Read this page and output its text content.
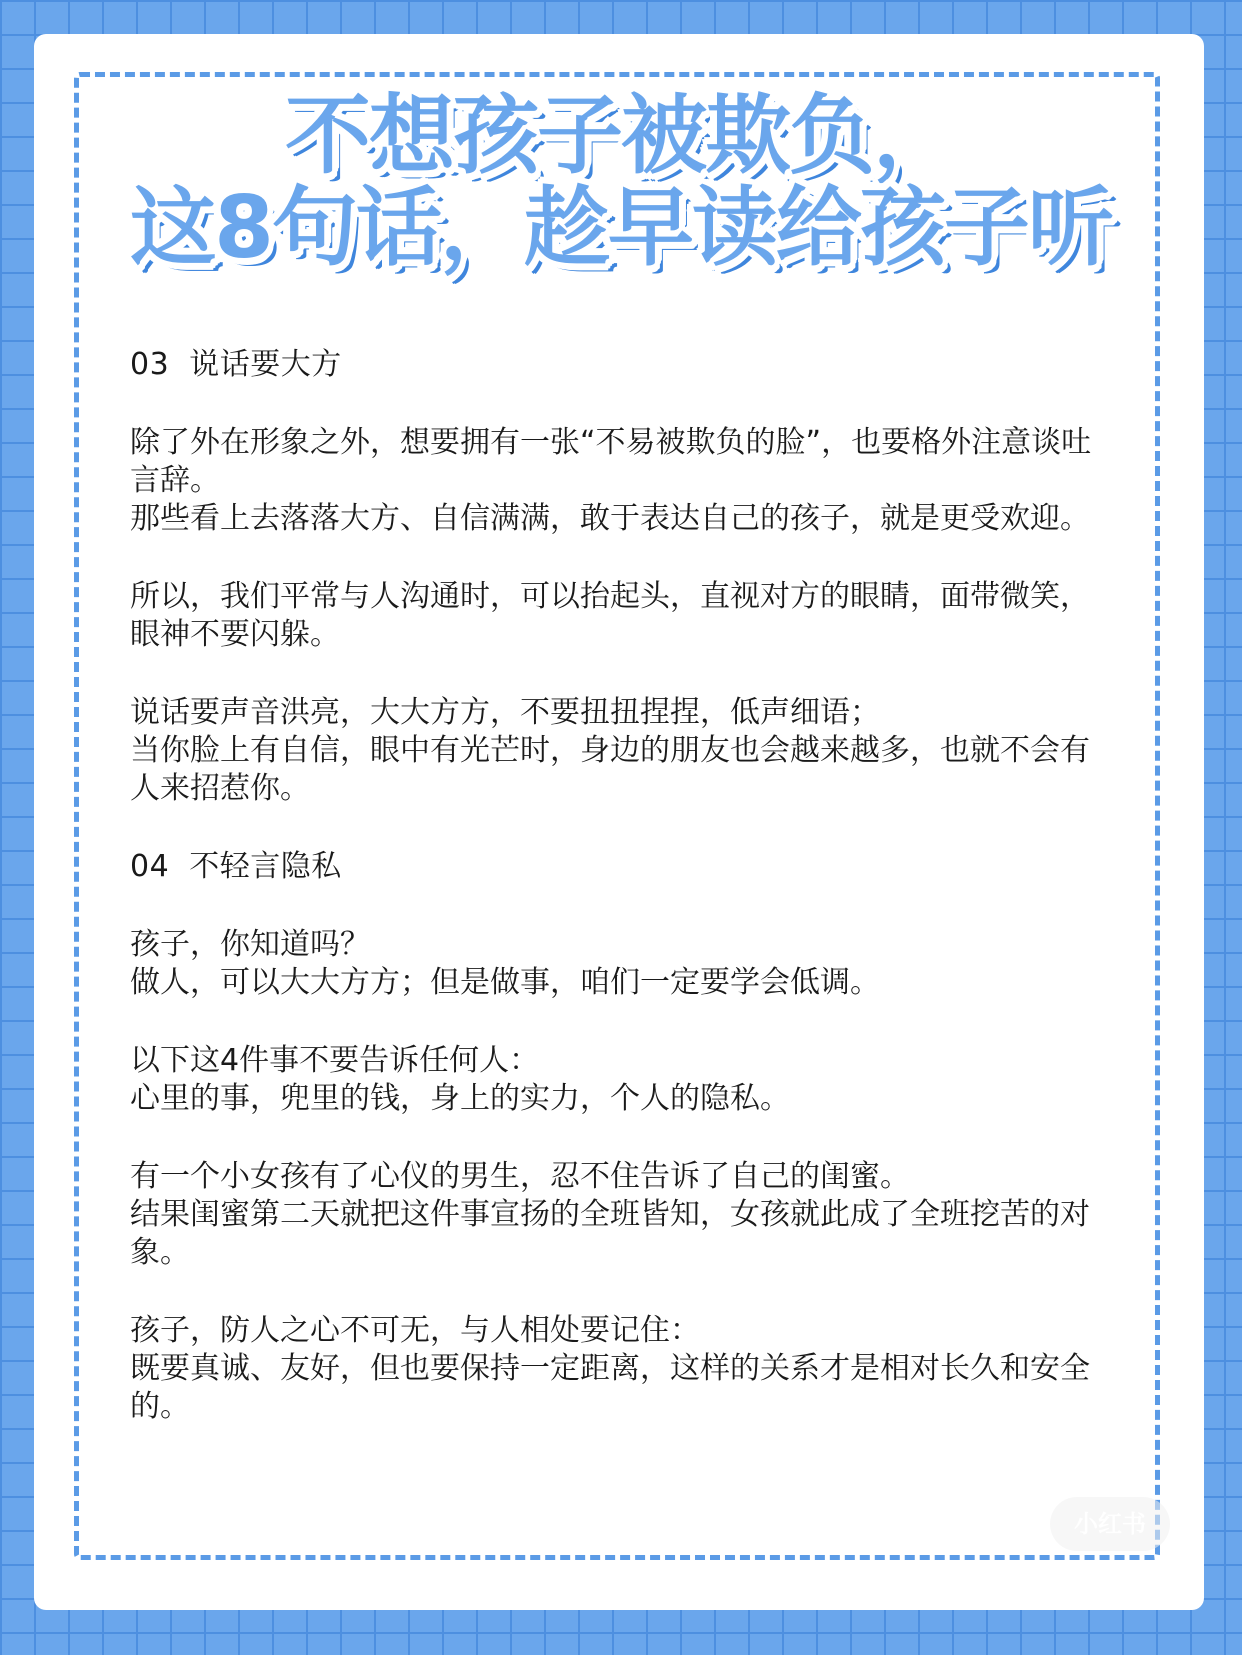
不想孩子被欺负，
这8句话，趁早读给孩子听

03  说话要大方

除了外在形象之外，想要拥有一张“不易被欺负的脸”，也要格外注意谈吐言辞。

那些看上去落落大方、自信满满，敢于表达自己的孩子，就是更受欢迎。

所以，我们平常与人沟通时，可以抬起头，直视对方的眼睛，面带微笑，眼神不要闪躲。

说话要声音洪亮，大大方方，不要扭扭捏捏，低声细语；

当你脸上有自信，眼中有光芒时，身边的朋友也会越来越多，也就不会有人来招惹你。

04  不轻言隐私

孩子，你知道吗？

做人，可以大大方方；但是做事，咱们一定要学会低调。

以下这4件事不要告诉任何人：

心里的事，兜里的钱，身上的实力，个人的隐私。

有一个小女孩有了心仪的男生，忍不住告诉了自己的闺蜜。

结果闺蜜第二天就把这件事宣扬的全班皆知，女孩就此成了全班挖苦的对象。

孩子，防人之心不可无，与人相处要记住：

既要真诚、友好，但也要保持一定距离，这样的关系才是相对长久和安全的。

小红书
小红书号：711837581
